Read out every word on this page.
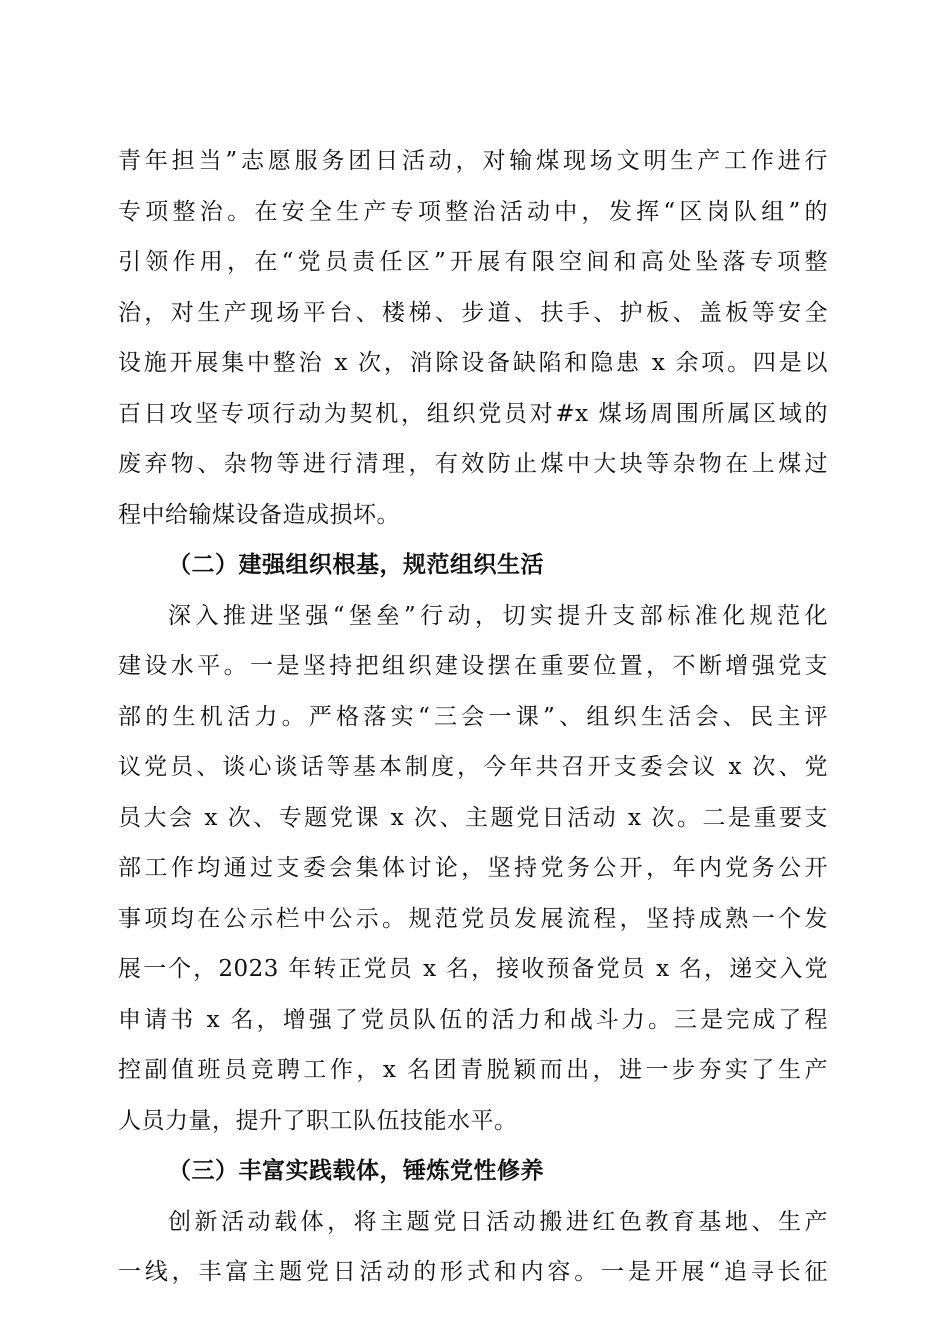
青年担当”志愿服务团日活动，对输煤现场文明生产工作进行
专项整治。在安全生产专项整治活动中，发挥“区岗队组”的
引领作用，在“党员责任区”开展有限空间和高处坠落专项整
治，对生产现场平台、楼梯、步道、扶手、护板、盖板等安全
设施开展集中整治 x 次，消除设备缺陷和隐患 x 余项。四是以
百日攻坚专项行动为契机，组织党员对#x 煤场周围所属区域的
废弃物、杂物等进行清理，有效防止煤中大块等杂物在上煤过
程中给输煤设备造成损坏。
（二）建强组织根基，规范组织生活
深入推进坚强“堡垒”行动，切实提升支部标准化规范化
建设水平。一是坚持把组织建设摆在重要位置，不断增强党支
部的生机活力。严格落实“三会一课”、组织生活会、民主评
议党员、谈心谈话等基本制度，今年共召开支委会议 x 次、党
员大会 x 次、专题党课 x 次、主题党日活动 x 次。二是重要支
部工作均通过支委会集体讨论，坚持党务公开，年内党务公开
事项均在公示栏中公示。规范党员发展流程，坚持成熟一个发
展一个，2023 年转正党员 x 名，接收预备党员 x 名，递交入党
申请书 x 名，增强了党员队伍的活力和战斗力。三是完成了程
控副值班员竞聘工作，x 名团青脱颖而出，进一步夯实了生产
人员力量，提升了职工队伍技能水平。
（三）丰富实践载体，锤炼党性修养
创新活动载体，将主题党日活动搬进红色教育基地、生产
一线，丰富主题党日活动的形式和内容。一是开展“追寻长征
